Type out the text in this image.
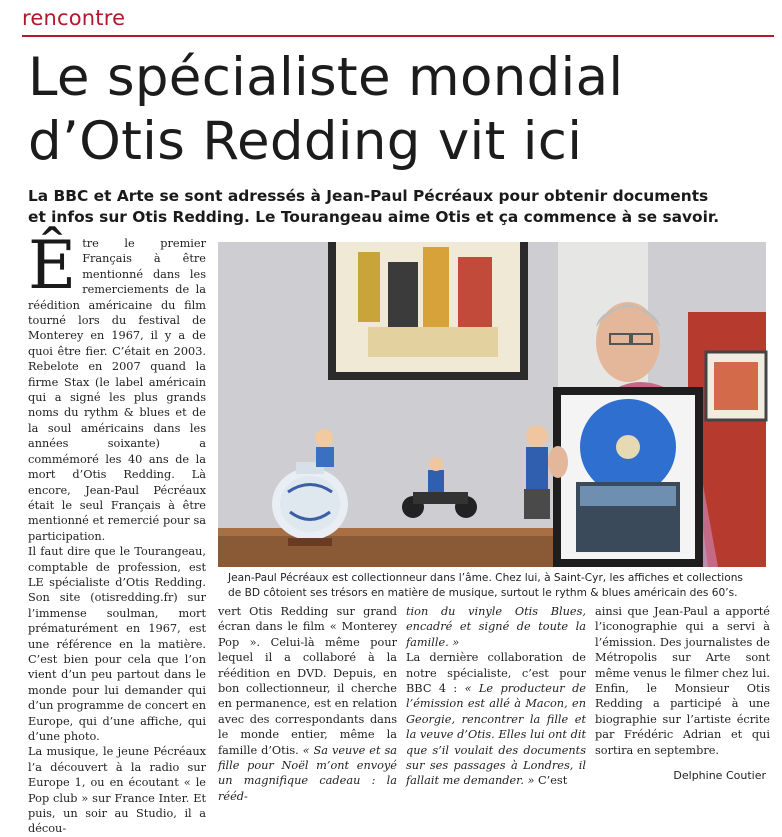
rencontre
Le spécialiste mondial
d’Otis Redding vit ici
La BBC et Arte se sont adressés à Jean-Paul Pécréaux pour obtenir documents
et infos sur Otis Redding. Le Tourangeau aime Otis et ça commence à se savoir.
Ê tre le premier Français à être mentionné dans les remerciements de la réédition américaine du film tourné lors du festival de Monterey en 1967, il y a de quoi être fier. C’était en 2003. Rebelote en 2007 quand la firme Stax (le label américain qui a signé les plus grands noms du rythm & blues et de la soul américains dans les années soixante) a commémoré les 40 ans de la mort d’Otis Redding. Là encore, Jean-Paul Pécréaux était le seul Français à être mentionné et remercié pour sa participation.

Il faut dire que le Tourangeau, comptable de profession, est LE spécialiste d’Otis Redding. Son site (otisredding.fr) sur l’immense soulman, mort prématurément en 1967, est une référence en la matière. C’est bien pour cela que l’on vient d’un peu partout dans le monde pour lui demander qui d’un programme de concert en Europe, qui d’une affiche, qui d’une photo.

La musique, le jeune Pécréaux l’a découvert à la radio sur Europe 1, ou en écoutant « le Pop club » sur France Inter. Et puis, un soir au Studio, il a décou-

Jean-Paul Pécréaux est collectionneur dans l’âme. Chez lui, à Saint-Cyr, les affiches et collections
de BD côtoient ses trésors en matière de musique, surtout le rythm & blues américain des 60’s.

vert Otis Redding sur grand écran dans le film « Monterey Pop ». Celui-là même pour lequel il a collaboré à la réédition en DVD. Depuis, en bon collectionneur, il cherche en permanence, est en relation avec des correspondants dans le monde entier, même la famille d’Otis. « Sa veuve et sa fille pour Noël m’ont envoyé un magnifique cadeau : la rééd-

tion du vinyle Otis Blues, encadré et signé de toute la famille. »

La dernière collaboration de notre spécialiste, c’est pour BBC 4 : « Le producteur de l’émission est allé à Macon, en Georgie, rencontrer la fille et la veuve d’Otis. Elles lui ont dit que s’il voulait des documents sur ses passages à Londres, il fallait me demander. » C’est

ainsi que Jean-Paul a apporté l’iconographie qui a servi à l’émission. Des journalistes de Métropolis sur Arte sont même venus le filmer chez lui. Enfin, le Monsieur Otis Redding a participé à une biographie sur l’artiste écrite par Frédéric Adrian et qui sortira en septembre.

Delphine Coutier
